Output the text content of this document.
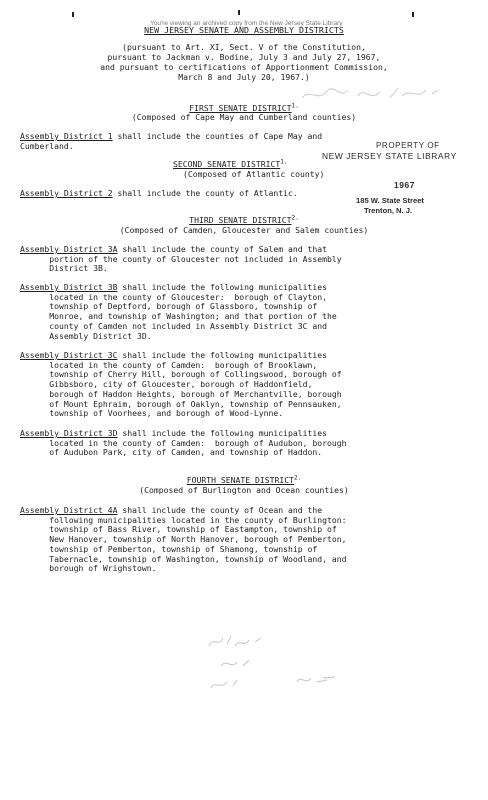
You're viewing an archived copy from the New Jersey State Library
NEW JERSEY SENATE AND ASSEMBLY DISTRICTS
(pursuant to Art. XI, Sect. V of the Constitution,
pursuant to Jackman v. Bodine, July 3 and July 27, 1967,
and pursuant to certifications of Apportionment Commission,
March 8 and July 20, 1967.)
FIRST SENATE $DISTRICT^{1.}$
(Composed of Cape May and Cumberland counties)
Assembly District 1 shall include the counties of Cape May and
Cumberland.
SECOND SENATE $DISTRICT^{1.}$
(Composed of Atlantic county)
Assembly District 2 shall include the county of Atlantic.
PROPERTY OF
NEW JERSEY STATE LIBRARY
1967
185 W. State Street
Trenton, N. J.
THIRD SENATE $DISTRICT^{2.}$
(Composed of Camden, Gloucester and Salem counties)
Assembly District 3A shall include the county of Salem and that
portion of the county of Gloucester not included in Assembly
District 3B.
Assembly District 3B shall include the following municipalities
located in the county of Gloucester:  borough of Clayton,
township of Deptford, borough of Glassboro, township of
Monroe, and township of Washington; and that portion of the
county of Camden not included in Assembly District 3C and
Assembly District 3D.
Assembly District 3C shall include the following municipalities
located in the county of Camden:  borough of Brooklawn,
township of Cherry Hill, borough of Collingswood, borough of
Gibbsboro, city of Gloucester, borough of Haddonfield,
borough of Haddon Heights, borough of Merchantville, borough
of Mount Ephraim, borough of Oaklyn, township of Pennsauken,
township of Voorhees, and borough of Wood-Lynne.
Assembly District 3D shall include the following municipalities
located in the county of Camden:  borough of Audubon, borough
of Audubon Park, city of Camden, and township of Haddon.
FOURTH SENATE $DISTRICT^{2.}$
(Composed of Burlington and Ocean counties)
Assembly District 4A shall include the county of Ocean and the
following municipalities located in the county of Burlington:
township of Bass River, township of Eastampton, township of
New Hanover, township of North Hanover, borough of Pemberton,
township of Pemberton, township of Shamong, township of
Tabernacle, township of Washington, township of Woodland, and
borough of Wrighstown.
